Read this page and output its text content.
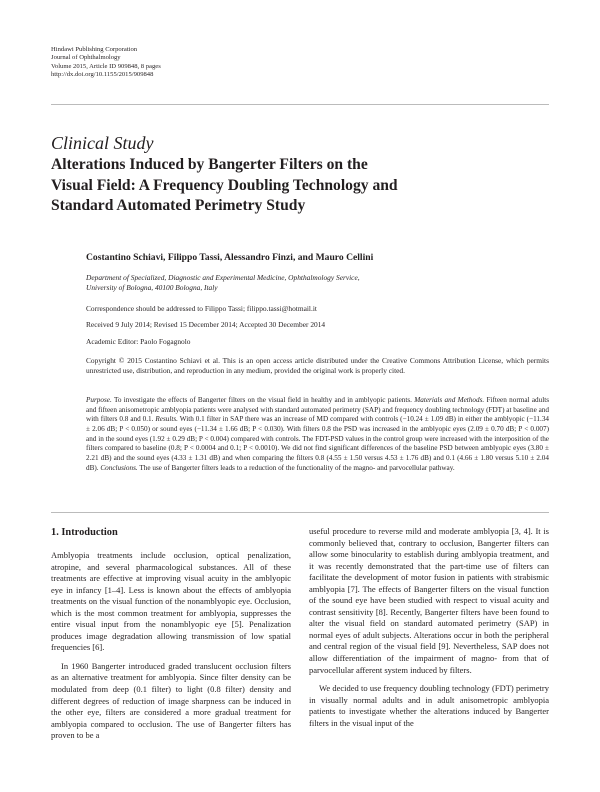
Hindawi Publishing Corporation
Journal of Ophthalmology
Volume 2015, Article ID 909848, 8 pages
http://dx.doi.org/10.1155/2015/909848
Clinical Study
Alterations Induced by Bangerter Filters on the
Visual Field: A Frequency Doubling Technology and
Standard Automated Perimetry Study
Costantino Schiavi, Filippo Tassi, Alessandro Finzi, and Mauro Cellini
Department of Specialized, Diagnostic and Experimental Medicine, Ophthalmology Service,
University of Bologna, 40100 Bologna, Italy
Correspondence should be addressed to Filippo Tassi; filippo.tassi@hotmail.it
Received 9 July 2014; Revised 15 December 2014; Accepted 30 December 2014
Academic Editor: Paolo Fogagnolo
Copyright © 2015 Costantino Schiavi et al. This is an open access article distributed under the Creative Commons Attribution License, which permits unrestricted use, distribution, and reproduction in any medium, provided the original work is properly cited.
Purpose. To investigate the effects of Bangerter filters on the visual field in healthy and in amblyopic patients. Materials and Methods. Fifteen normal adults and fifteen anisometropic amblyopia patients were analysed with standard automated perimetry (SAP) and frequency doubling technology (FDT) at baseline and with filters 0.8 and 0.1. Results. With 0.1 filter in SAP there was an increase of MD compared with controls (−10.24 ± 1.09 dB) in either the amblyopic (−11.34 ± 2.06 dB; P < 0.050) or sound eyes (−11.34 ± 1.66 dB; P < 0.030). With filters 0.8 the PSD was increased in the amblyopic eyes (2.09 ± 0.70 dB; P < 0.007) and in the sound eyes (1.92 ± 0.29 dB; P < 0.004) compared with controls. The FDT-PSD values in the control group were increased with the interposition of the filters compared to baseline (0.8; P < 0.0004 and 0.1; P < 0.0010). We did not find significant differences of the baseline PSD between amblyopic eyes (3.80 ± 2.21 dB) and the sound eyes (4.33 ± 1.31 dB) and when comparing the filters 0.8 (4.55 ± 1.50 versus 4.53 ± 1.76 dB) and 0.1 (4.66 ± 1.80 versus 5.10 ± 2.04 dB). Conclusions. The use of Bangerter filters leads to a reduction of the functionality of the magno- and parvocellular pathway.
1. Introduction

Amblyopia treatments include occlusion, optical penalization, atropine, and several pharmacological substances. All of these treatments are effective at improving visual acuity in the amblyopic eye in infancy [1–4]. Less is known about the effects of amblyopia treatments on the visual function of the nonamblyopic eye. Occlusion, which is the most common treatment for amblyopia, suppresses the entire visual input from the nonamblyopic eye [5]. Penalization produces image degradation allowing transmission of low spatial frequencies [6].

In 1960 Bangerter introduced graded translucent occlusion filters as an alternative treatment for amblyopia. Since filter density can be modulated from deep (0.1 filter) to light (0.8 filter) density and different degrees of reduction of image sharpness can be induced in the other eye, filters are considered a more gradual treatment for amblyopia compared to occlusion. The use of Bangerter filters has proven to be a

useful procedure to reverse mild and moderate amblyopia [3, 4]. It is commonly believed that, contrary to occlusion, Bangerter filters can allow some binocularity to establish during amblyopia treatment, and it was recently demonstrated that the part-time use of filters can facilitate the development of motor fusion in patients with strabismic amblyopia [7]. The effects of Bangerter filters on the visual function of the sound eye have been studied with respect to visual acuity and contrast sensitivity [8]. Recently, Bangerter filters have been found to alter the visual field on standard automated perimetry (SAP) in normal eyes of adult subjects. Alterations occur in both the peripheral and central region of the visual field [9]. Nevertheless, SAP does not allow differentiation of the impairment of magno- from that of parvocellular afferent system induced by filters.

We decided to use frequency doubling technology (FDT) perimetry in visually normal adults and in adult anisometropic amblyopia patients to investigate whether the alterations induced by Bangerter filters in the visual input of the
